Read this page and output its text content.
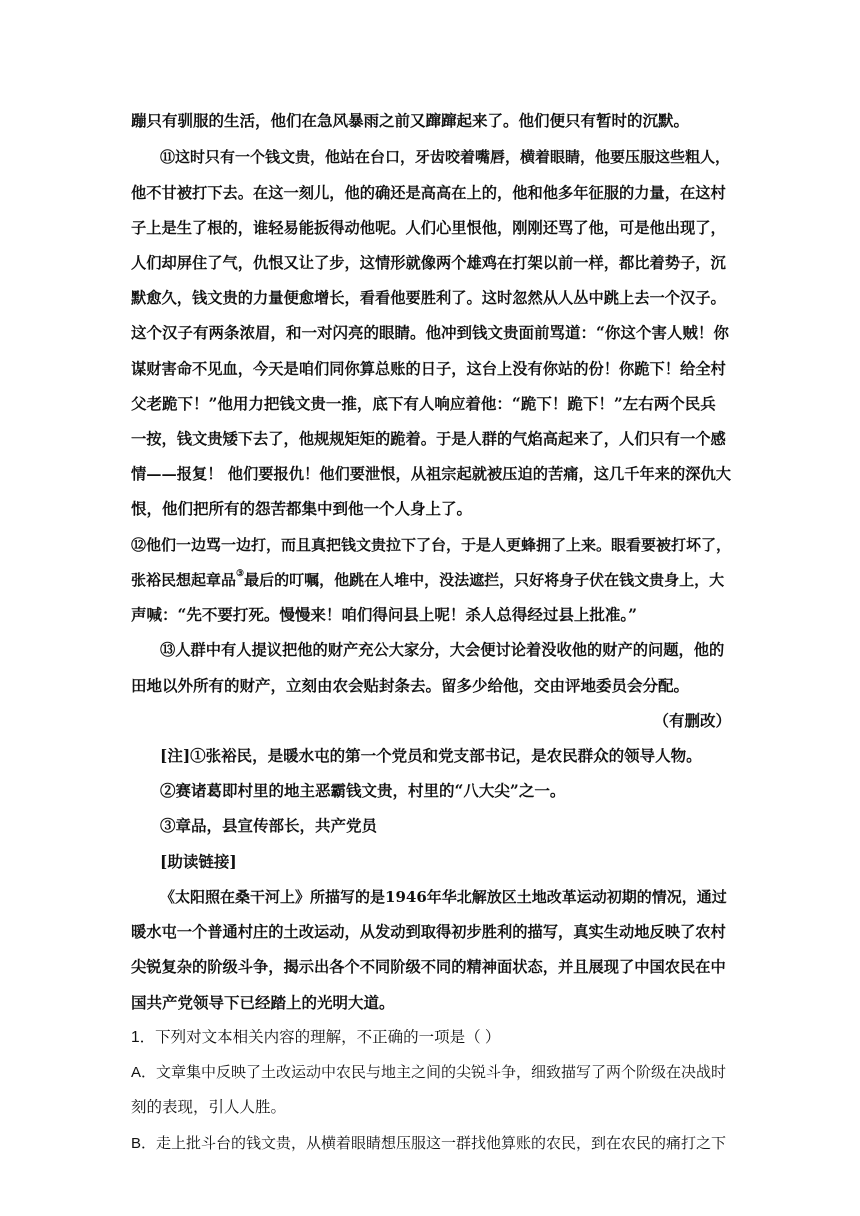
蹦只有驯服的生活，他们在急风暴雨之前又蹿蹿起来了。他们便只有暂时的沉默。
⑪这时只有一个钱文贵，他站在台口，牙齿咬着嘴唇，横着眼睛，他要压服这些粗人，
他不甘被打下去。在这一刻儿，他的确还是高高在上的，他和他多年征服的力量，在这村
子上是生了根的，谁轻易能扳得动他呢。人们心里恨他，刚刚还骂了他，可是他出现了，
人们却屏住了气，仇恨又让了步，这情形就像两个雄鸡在打架以前一样，都比着势子，沉
默愈久，钱文贵的力量便愈增长，看看他要胜利了。这时忽然从人丛中跳上去一个汉子。
这个汉子有两条浓眉，和一对闪亮的眼睛。他冲到钱文贵面前骂道：“你这个害人贼！你
谋财害命不见血，今天是咱们同你算总账的日子，这台上没有你站的份！你跪下！给全村
父老跪下！”他用力把钱文贵一推，底下有人响应着他：“跪下！跪下！”左右两个民兵
一按，钱文贵矮下去了，他规规矩矩的跪着。于是人群的气焰高起来了，人们只有一个感
情——报复！ 他们要报仇！他们要泄恨，从祖宗起就被压迫的苦痛，这几千年来的深仇大
恨，他们把所有的怨苦都集中到他一个人身上了。
⑫他们一边骂一边打，而且真把钱文贵拉下了台，于是人更蜂拥了上来。眼看要被打坏了，
张裕民想起章品③最后的叮嘱，他跳在人堆中，没法遮拦，只好将身子伏在钱文贵身上，大
声喊：“先不要打死。慢慢来！咱们得问县上呢！杀人总得经过县上批准。”
⑬人群中有人提议把他的财产充公大家分，大会便讨论着没收他的财产的问题，他的
田地以外所有的财产，立刻由农会贴封条去。留多少给他，交由评地委员会分配。
（有删改）
[注]①张裕民，是暖水屯的第一个党员和党支部书记，是农民群众的领导人物。
②赛诸葛即村里的地主恶霸钱文贵，村里的“八大尖”之一。
③章品，县宣传部长，共产党员
[助读链接]
《太阳照在桑干河上》所描写的是1946年华北解放区土地改革运动初期的情况，通过
暖水屯一个普通村庄的土改运动，从发动到取得初步胜利的描写，真实生动地反映了农村
尖锐复杂的阶级斗争，揭示出各个不同阶级不同的精神面状态，并且展现了中国农民在中
国共产党领导下已经踏上的光明大道。
1．下列对文本相关内容的理解，不正确的一项是（ ）
A．文章集中反映了土改运动中农民与地主之间的尖锐斗争，细致描写了两个阶级在决战时
刻的表现，引人人胜。
B．走上批斗台的钱文贵，从横着眼睛想压服这一群找他算账的农民，到在农民的痛打之下
